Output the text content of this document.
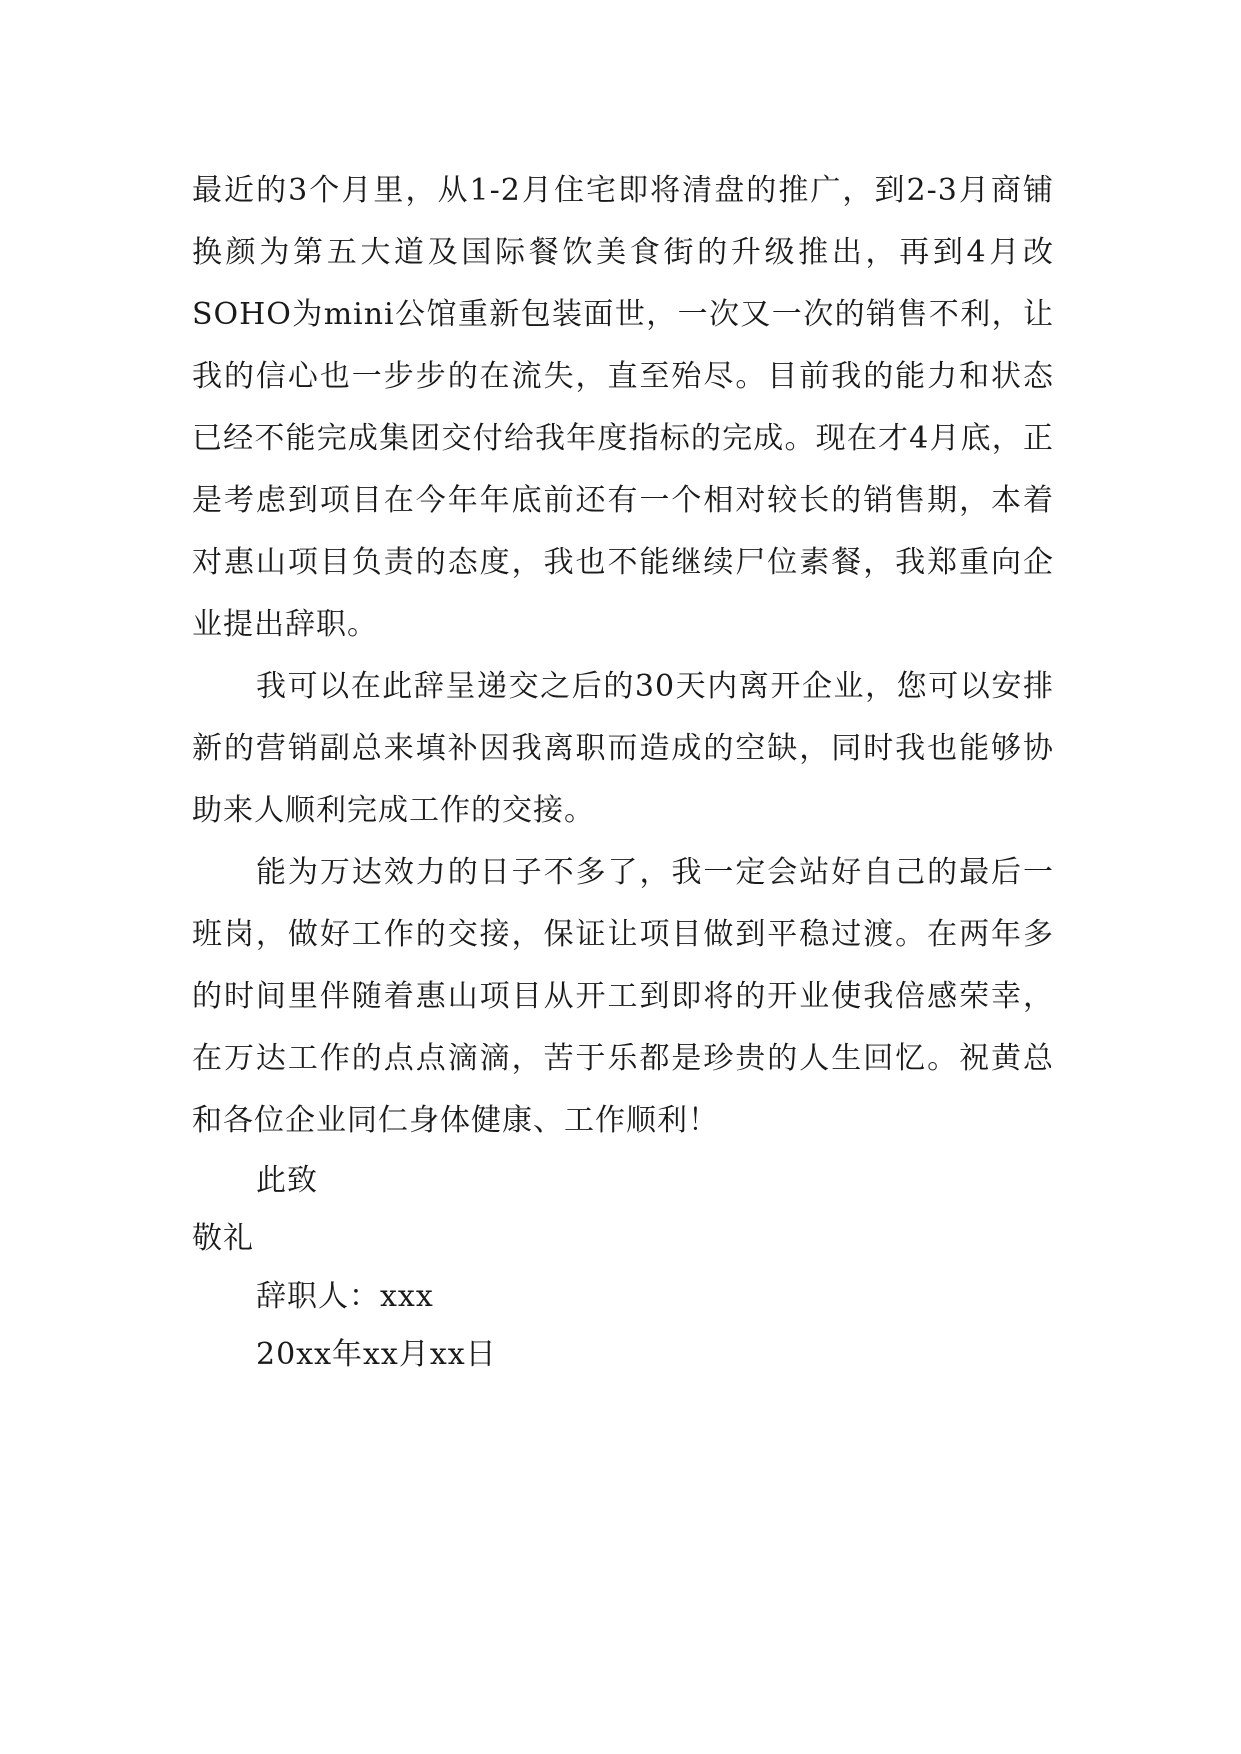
最近的3个月里，从1-2月住宅即将清盘的推广，到2-3月商铺换颜为第五大道及国际餐饮美食街的升级推出，再到4月改SOHO为mini公馆重新包装面世，一次又一次的销售不利，让我的信心也一步步的在流失，直至殆尽。目前我的能力和状态已经不能完成集团交付给我年度指标的完成。现在才4月底，正是考虑到项目在今年年底前还有一个相对较长的销售期，本着对惠山项目负责的态度，我也不能继续尸位素餐，我郑重向企业提出辞职。

我可以在此辞呈递交之后的30天内离开企业，您可以安排新的营销副总来填补因我离职而造成的空缺，同时我也能够协助来人顺利完成工作的交接。

能为万达效力的日子不多了，我一定会站好自己的最后一班岗，做好工作的交接，保证让项目做到平稳过渡。在两年多的时间里伴随着惠山项目从开工到即将的开业使我倍感荣幸，在万达工作的点点滴滴，苦于乐都是珍贵的人生回忆。祝黄总和各位企业同仁身体健康、工作顺利！

此致

敬礼

辞职人：xxx

20xx年xx月xx日
